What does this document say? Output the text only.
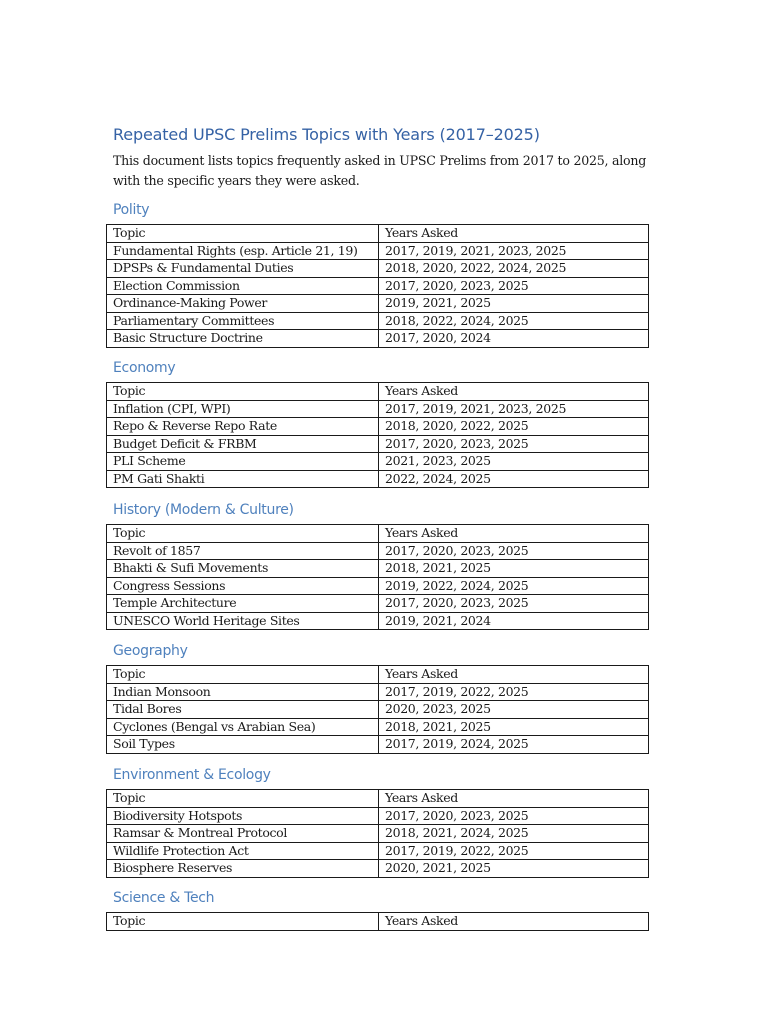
Repeated UPSC Prelims Topics with Years (2017–2025)

This document lists topics frequently asked in UPSC Prelims from 2017 to 2025, along with the specific years they were asked.

Polity
Topic	Years Asked
Fundamental Rights (esp. Article 21, 19)	2017, 2019, 2021, 2023, 2025
DPSPs & Fundamental Duties	2018, 2020, 2022, 2024, 2025
Election Commission	2017, 2020, 2023, 2025
Ordinance-Making Power	2019, 2021, 2025
Parliamentary Committees	2018, 2022, 2024, 2025
Basic Structure Doctrine	2017, 2020, 2024
Economy
Topic	Years Asked
Inflation (CPI, WPI)	2017, 2019, 2021, 2023, 2025
Repo & Reverse Repo Rate	2018, 2020, 2022, 2025
Budget Deficit & FRBM	2017, 2020, 2023, 2025
PLI Scheme	2021, 2023, 2025
PM Gati Shakti	2022, 2024, 2025
History (Modern & Culture)
Topic	Years Asked
Revolt of 1857	2017, 2020, 2023, 2025
Bhakti & Sufi Movements	2018, 2021, 2025
Congress Sessions	2019, 2022, 2024, 2025
Temple Architecture	2017, 2020, 2023, 2025
UNESCO World Heritage Sites	2019, 2021, 2024
Geography
Topic	Years Asked
Indian Monsoon	2017, 2019, 2022, 2025
Tidal Bores	2020, 2023, 2025
Cyclones (Bengal vs Arabian Sea)	2018, 2021, 2025
Soil Types	2017, 2019, 2024, 2025
Environment & Ecology
Topic	Years Asked
Biodiversity Hotspots	2017, 2020, 2023, 2025
Ramsar & Montreal Protocol	2018, 2021, 2024, 2025
Wildlife Protection Act	2017, 2019, 2022, 2025
Biosphere Reserves	2020, 2021, 2025
Science & Tech
Topic	Years Asked
